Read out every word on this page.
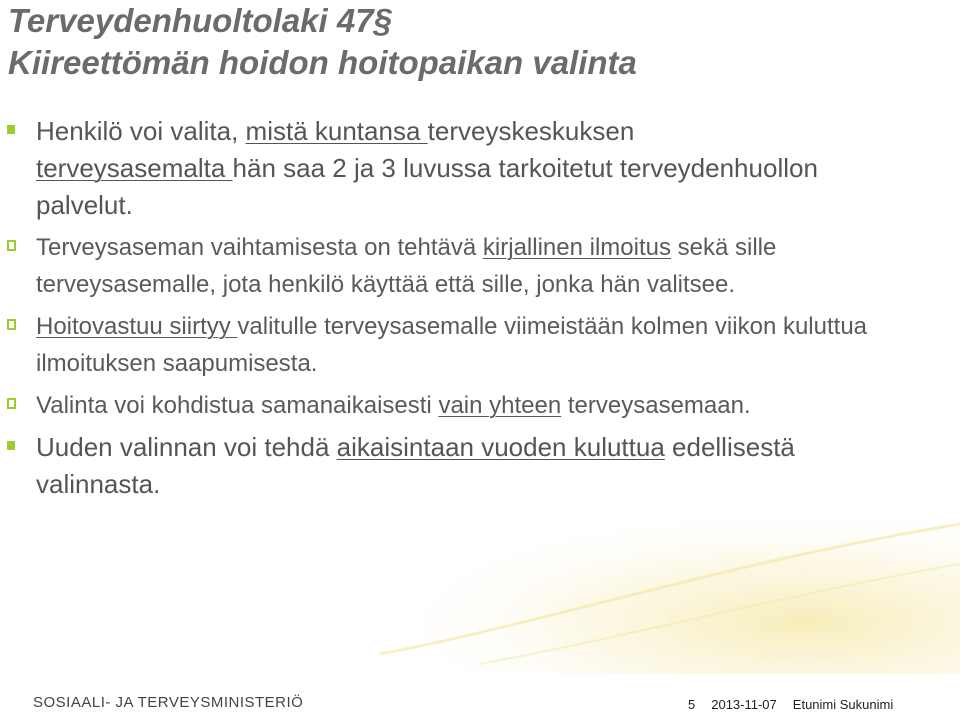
Terveydenhuoltolaki 47§
Kiireettömän hoidon hoitopaikan valinta
Henkilö voi valita, mistä kuntansa terveyskeskuksen
terveysasemalta hän saa 2 ja 3 luvussa tarkoitetut terveydenhuollon palvelut.
Terveysaseman vaihtamisesta on tehtävä kirjallinen ilmoitus sekä sille terveysasemalle, jota henkilö käyttää että sille, jonka hän valitsee.
Hoitovastuu siirtyy valitulle terveysasemalle viimeistään kolmen viikon kuluttua ilmoituksen saapumisesta.
Valinta voi kohdistua samanaikaisesti vain yhteen terveysasemaan.
Uuden valinnan voi tehdä aikaisintaan vuoden kuluttua edellisestä valinnasta.
SOSIAALI- JA TERVEYSMINISTERIÖ	5 2013-11-07 Etunimi Sukunimi
